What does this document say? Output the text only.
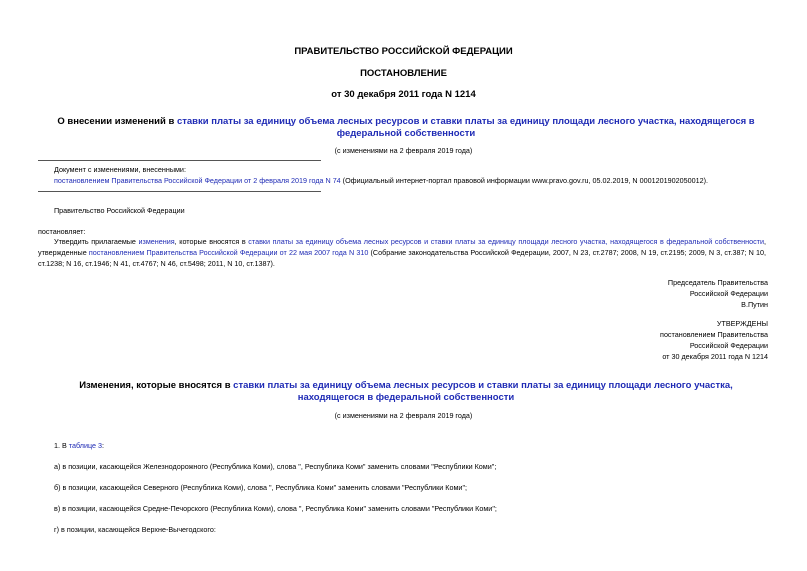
ПРАВИТЕЛЬСТВО РОССИЙСКОЙ ФЕДЕРАЦИИ
ПОСТАНОВЛЕНИЕ
от 30 декабря 2011 года N 1214
О внесении изменений в ставки платы за единицу объема лесных ресурсов и ставки платы за единицу площади лесного участка, находящегося в федеральной собственности
(с изменениями на 2 февраля 2019 года)
Документ с изменениями, внесенными:
постановлением Правительства Российской Федерации от 2 февраля 2019 года N 74 (Официальный интернет-портал правовой информации www.pravo.gov.ru, 05.02.2019, N 0001201902050012).
Правительство Российской Федерации
постановляет:
Утвердить прилагаемые изменения, которые вносятся в ставки платы за единицу объема лесных ресурсов и ставки платы за единицу площади лесного участка, находящегося в федеральной собственности, утвержденные постановлением Правительства Российской Федерации от 22 мая 2007 года N 310 (Собрание законодательства Российской Федерации, 2007, N 23, ст.2787; 2008, N 19, ст.2195; 2009, N 3, ст.387; N 10, ст.1238; N 16, ст.1946; N 41, ст.4767; N 46, ст.5498; 2011, N 10, ст.1387).
Председатель Правительства
Российской Федерации
В.Путин
УТВЕРЖДЕНЫ
постановлением Правительства
Российской Федерации
от 30 декабря 2011 года N 1214
Изменения, которые вносятся в ставки платы за единицу объема лесных ресурсов и ставки платы за единицу площади лесного участка, находящегося в федеральной собственности
(с изменениями на 2 февраля 2019 года)
1. В таблице 3:
а) в позиции, касающейся Железнодорожного (Республика Коми), слова ", Республика Коми" заменить словами "Республики Коми";
б) в позиции, касающейся Северного (Республика Коми), слова ", Республика Коми" заменить словами "Республики Коми";
в) в позиции, касающейся Средне-Печорского (Республика Коми), слова ", Республика Коми" заменить словами "Республики Коми";
г) в позиции, касающейся Верхне-Вычегодского:
